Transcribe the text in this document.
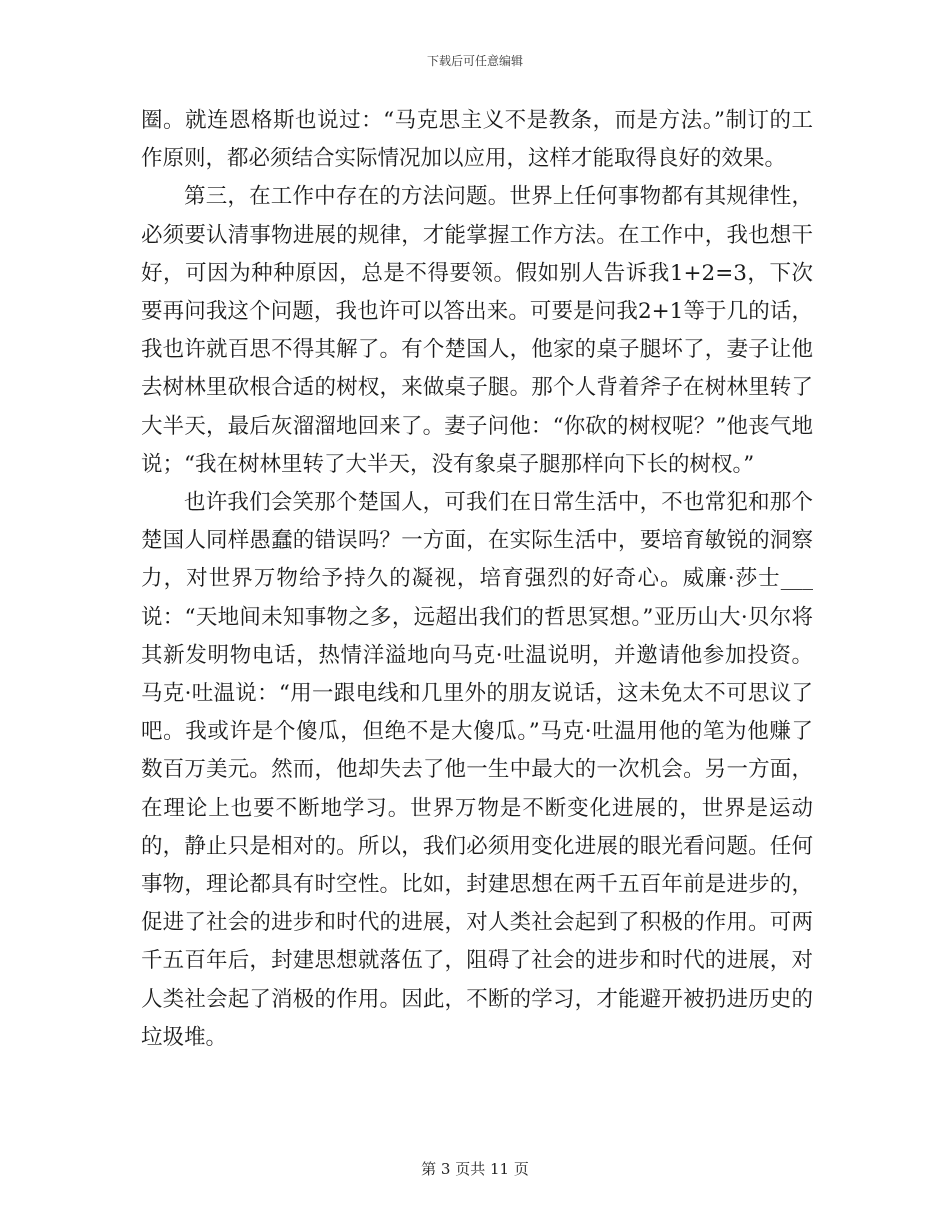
下载后可任意编辑

圈。就连恩格斯也说过：“马克思主义不是教条，而是方法。”制订的工作原则，都必须结合实际情况加以应用，这样才能取得良好的效果。

第三，在工作中存在的方法问题。世界上任何事物都有其规律性，必须要认清事物进展的规律，才能掌握工作方法。在工作中，我也想干好，可因为种种原因，总是不得要领。假如别人告诉我1+2=3，下次要再问我这个问题，我也许可以答出来。可要是问我2+1等于几的话，我也许就百思不得其解了。有个楚国人，他家的桌子腿坏了，妻子让他去树林里砍根合适的树杈，来做桌子腿。那个人背着斧子在树林里转了大半天，最后灰溜溜地回来了。妻子问他：“你砍的树杈呢？”他丧气地说；“我在树林里转了大半天，没有象桌子腿那样向下长的树杈。”

也许我们会笑那个楚国人，可我们在日常生活中，不也常犯和那个楚国人同样愚蠢的错误吗？一方面，在实际生活中，要培育敏锐的洞察力，对世界万物给予持久的凝视，培育强烈的好奇心。威廉·莎士___说：“天地间未知事物之多，远超出我们的哲思冥想。”亚历山大·贝尔将其新发明物电话，热情洋溢地向马克·吐温说明，并邀请他参加投资。马克·吐温说：“用一跟电线和几里外的朋友说话，这未免太不可思议了吧。我或许是个傻瓜，但绝不是大傻瓜。”马克·吐温用他的笔为他赚了数百万美元。然而，他却失去了他一生中最大的一次机会。另一方面，在理论上也要不断地学习。世界万物是不断变化进展的，世界是运动的，静止只是相对的。所以，我们必须用变化进展的眼光看问题。任何事物，理论都具有时空性。比如，封建思想在两千五百年前是进步的，促进了社会的进步和时代的进展，对人类社会起到了积极的作用。可两千五百年后，封建思想就落伍了，阻碍了社会的进步和时代的进展，对人类社会起了消极的作用。因此，不断的学习，才能避开被扔进历史的垃圾堆。

第 3 页共 11 页
